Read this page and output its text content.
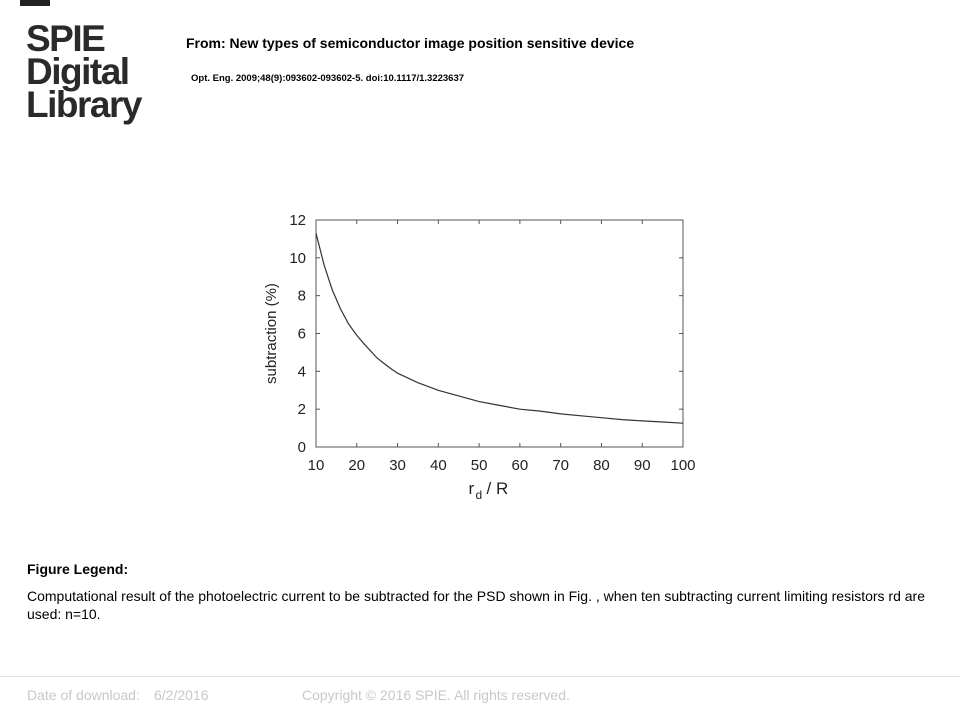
SPIE
Digital
Library
From: New types of semiconductor image position sensitive device
Opt. Eng. 2009;48(9):093602-093602-5. doi:10.1117/1.3223637
10 20 30 40 50 60 70 80 90 100
0
2
4
6
8
10
12
subtraction (%)
r d / R
Figure Legend:
Computational result of the photoelectric current to be subtracted for the PSD shown in Fig. , when ten subtracting current limiting resistors rd are used: n=10.
Date of download: 6/2/2016	Copyright © 2016 SPIE. All rights reserved.
